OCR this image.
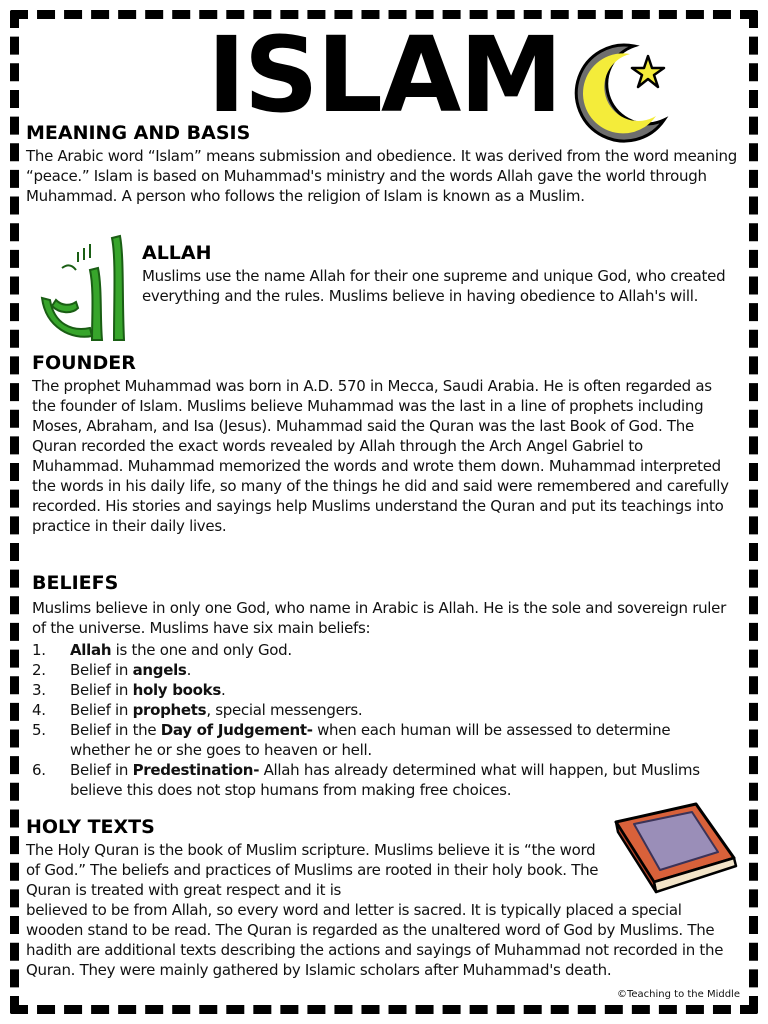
ISLAM
MEANING AND BASIS

The Arabic word “Islam” means submission and obedience. It was derived from the word meaning “peace.” Islam is based on Muhammad's ministry and the words Allah gave the world through Muhammad. A person who follows the religion of Islam is known as a Muslim.

ALLAH

Muslims use the name Allah for their one supreme and unique God, who created everything and the rules. Muslims believe in having obedience to Allah's will.

FOUNDER

The prophet Muhammad was born in A.D. 570 in Mecca, Saudi Arabia. He is often regarded as the founder of Islam. Muslims believe Muhammad was the last in a line of prophets including Moses, Abraham, and Isa (Jesus). Muhammad said the Quran was the last Book of God. The Quran recorded the exact words revealed by Allah through the Arch Angel Gabriel to Muhammad. Muhammad memorized the words and wrote them down. Muhammad interpreted the words in his daily life, so many of the things he did and said were remembered and carefully recorded. His stories and sayings help Muslims understand the Quran and put its teachings into practice in their daily lives.

BELIEFS

Muslims believe in only one God, who name in Arabic is Allah. He is the sole and sovereign ruler of the universe. Muslims have six main beliefs:

1.	Allah is the one and only God.
2.	Belief in angels.
3.	Belief in holy books.
4.	Belief in prophets, special messengers.
5.	Belief in the Day of Judgement- when each human will be assessed to determine whether he or she goes to heaven or hell.
6.	Belief in Predestination- Allah has already determined what will happen, but Muslims believe this does not stop humans from making free choices.
HOLY TEXTS

The Holy Quran is the book of Muslim scripture. Muslims believe it is “the word of God.” The beliefs and practices of Muslims are rooted in their holy book. The Quran is treated with great respect and it is

believed to be from Allah, so every word and letter is sacred. It is typically placed a special wooden stand to be read. The Quran is regarded as the unaltered word of God by Muslims. The hadith are additional texts describing the actions and sayings of Muhammad not recorded in the Quran. They were mainly gathered by Islamic scholars after Muhammad's death.

©Teaching to the Middle
